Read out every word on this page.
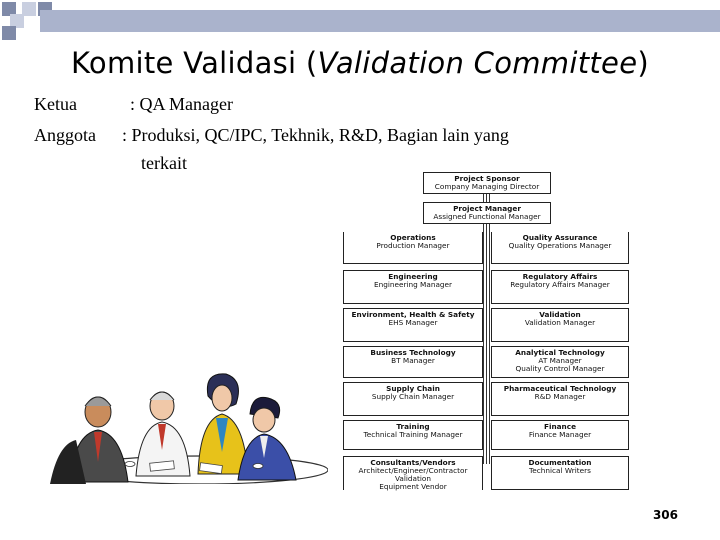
Komite Validasi (Validation Committee)
Ketua	: QA Manager
Anggota : Produksi, QC/IPC, Tekhnik, R&D, Bagian lain yang
terkait
Project Sponsor
Company Managing Director
Project Manager
Assigned Functional Manager
Operations
Production Manager
Engineering
Engineering Manager
Environment, Health & Safety
EHS Manager
Business Technology
BT Manager
Supply Chain
Supply Chain Manager
Training
Technical Training Manager
Consultants/Vendors
Architect/Engineer/Contractor
Validation
Equipment Vendor
Quality Assurance
Quality Operations Manager
Regulatory Affairs
Regulatory Affairs Manager
Validation
Validation Manager
Analytical Technology
AT Manager
Quality Control Manager
Pharmaceutical Technology
R&D Manager
Finance
Finance Manager
Documentation
Technical Writers
306
